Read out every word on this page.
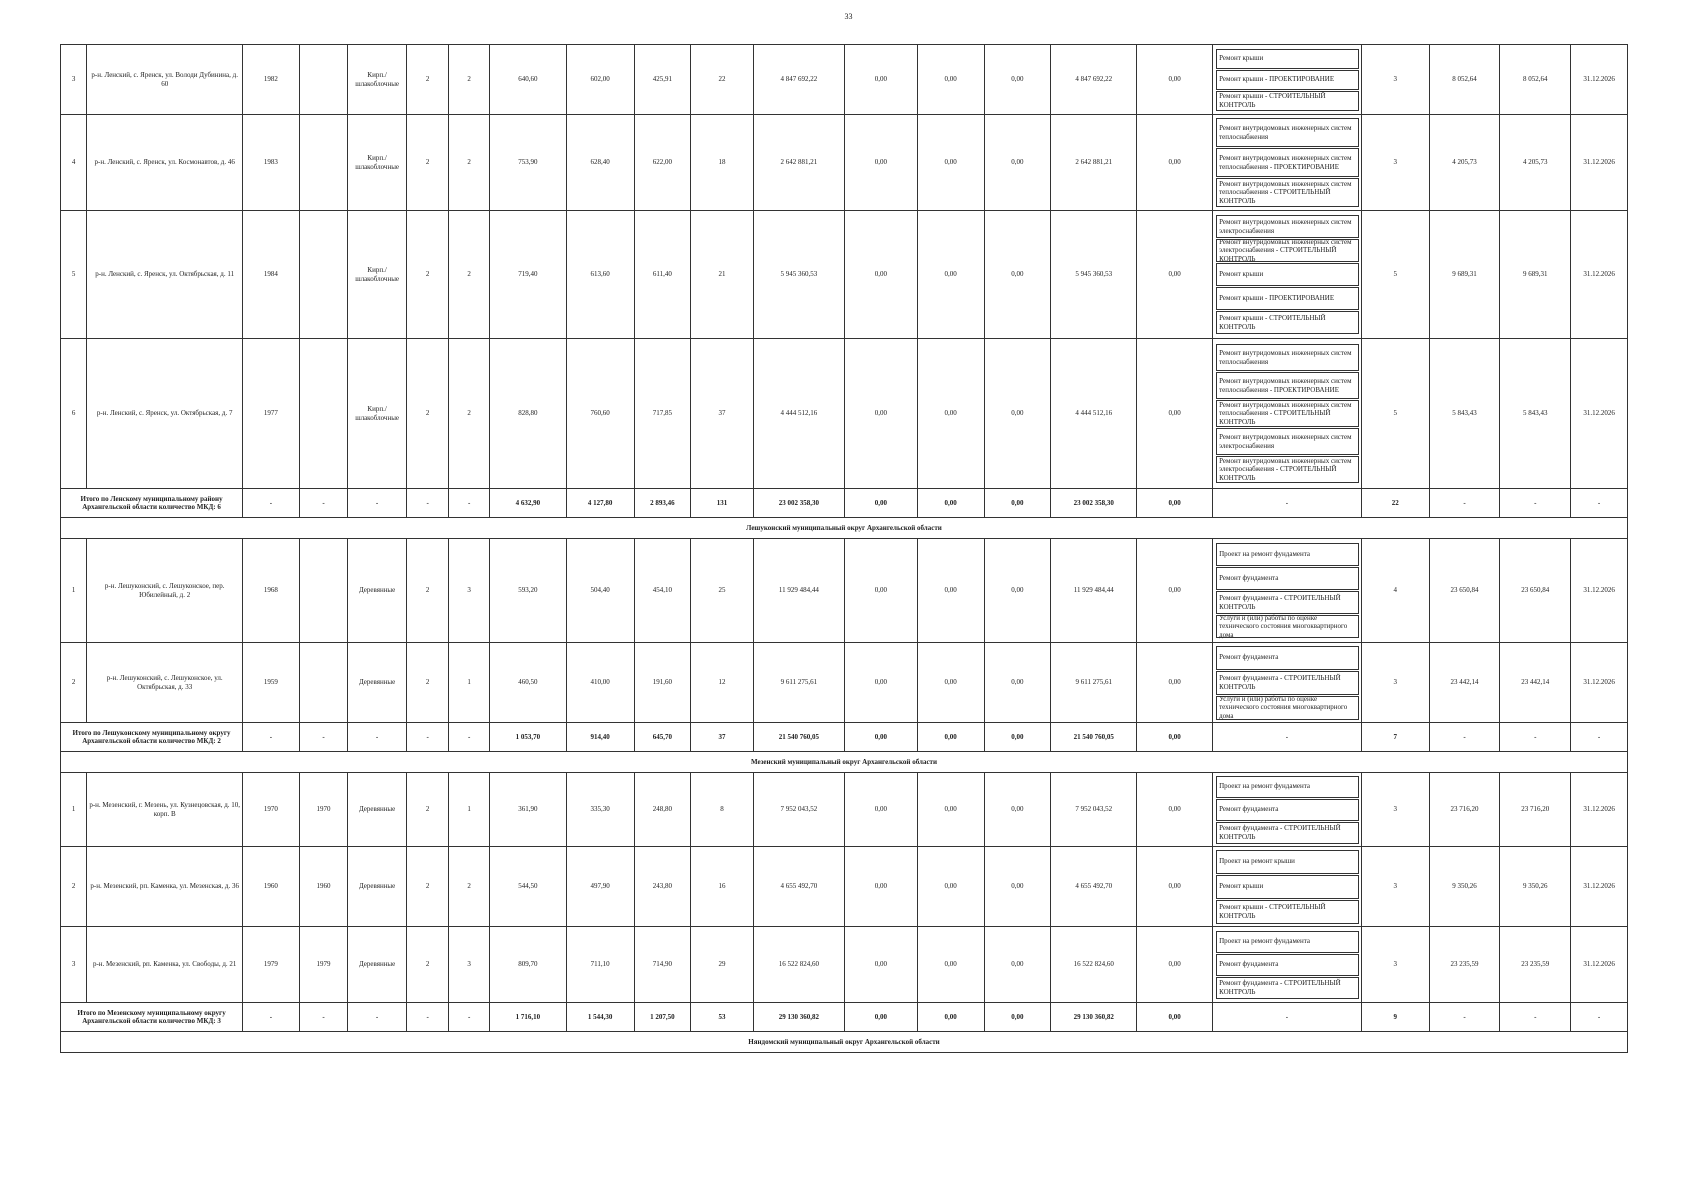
33
3	р-н. Ленский, с. Яренск, ул. Володи Дубинина, д. 60	1982		Кирп./ шлакоблочные	2	2	640,60	602,00	425,91	22	4 847 692,22	0,00	0,00	0,00	4 847 692,22	0,00	Ремонт крыши
Ремонт крыши - ПРОЕКТИРОВАНИЕ
Ремонт крыши - СТРОИТЕЛЬНЫЙ КОНТРОЛЬ	3	8 052,64	8 052,64	31.12.2026
4	р-н. Ленский, с. Яренск, ул. Космонавтов, д. 46	1983		Кирп./ шлакоблочные	2	2	753,90	628,40	622,00	18	2 642 881,21	0,00	0,00	0,00	2 642 881,21	0,00	Ремонт внутридомовых инженерных систем теплоснабжения
Ремонт внутридомовых инженерных систем теплоснабжения - ПРОЕКТИРОВАНИЕ
Ремонт внутридомовых инженерных систем теплоснабжения - СТРОИТЕЛЬНЫЙ КОНТРОЛЬ	3	4 205,73	4 205,73	31.12.2026
5	р-н. Ленский, с. Яренск, ул. Октябрьская, д. 11	1984		Кирп./ шлакоблочные	2	2	719,40	613,60	611,40	21	5 945 360,53	0,00	0,00	0,00	5 945 360,53	0,00	Ремонт внутридомовых инженерных систем электроснабжения
Ремонт внутридомовых инженерных систем электроснабжения - СТРОИТЕЛЬНЫЙ КОНТРОЛЬ
Ремонт крыши
Ремонт крыши - ПРОЕКТИРОВАНИЕ
Ремонт крыши - СТРОИТЕЛЬНЫЙ КОНТРОЛЬ	5	9 689,31	9 689,31	31.12.2026
6	р-н. Ленский, с. Яренск, ул. Октябрьская, д. 7	1977		Кирп./ шлакоблочные	2	2	828,80	760,60	717,85	37	4 444 512,16	0,00	0,00	0,00	4 444 512,16	0,00	Ремонт внутридомовых инженерных систем теплоснабжения
Ремонт внутридомовых инженерных систем теплоснабжения - ПРОЕКТИРОВАНИЕ
Ремонт внутридомовых инженерных систем теплоснабжения - СТРОИТЕЛЬНЫЙ КОНТРОЛЬ
Ремонт внутридомовых инженерных систем электроснабжения
Ремонт внутридомовых инженерных систем электроснабжения - СТРОИТЕЛЬНЫЙ КОНТРОЛЬ	5	5 843,43	5 843,43	31.12.2026
Итого по Ленскому муниципальному району Архангельской области количество МКД: 6		-	-	-	-	-	4 632,90	4 127,80	2 893,46	131	23 002 358,30	0,00	0,00	0,00	23 002 358,30	0,00	-	22	-	-	-
Лешуконский муниципальный округ Архангельской области																					
1	р-н. Лешуконский, с. Лешуконское, пер. Юбилейный, д. 2	1968		Деревянные	2	3	593,20	504,40	454,10	25	11 929 484,44	0,00	0,00	0,00	11 929 484,44	0,00	Проект на ремонт фундамента
Ремонт фундамента
Ремонт фундамента - СТРОИТЕЛЬНЫЙ КОНТРОЛЬ
Услуги и (или) работы по оценке технического состояния многоквартирного дома	4	23 650,84	23 650,84	31.12.2026
2	р-н. Лешуконский, с. Лешуконское, ул. Октябрьская, д. 33	1959		Деревянные	2	1	460,50	410,00	191,60	12	9 611 275,61	0,00	0,00	0,00	9 611 275,61	0,00	Ремонт фундамента
Ремонт фундамента - СТРОИТЕЛЬНЫЙ КОНТРОЛЬ
Услуги и (или) работы по оценке технического состояния многоквартирного дома	3	23 442,14	23 442,14	31.12.2026
Итого по Лешуконскому муниципальному округу Архангельской области количество МКД: 2		-	-	-	-	-	1 053,70	914,40	645,70	37	21 540 760,05	0,00	0,00	0,00	21 540 760,05	0,00	-	7	-	-	-
Мезенский муниципальный округ Архангельской области																					
1	р-н. Мезенский, г. Мезень, ул. Кузнецовская, д. 10, корп. В	1970	1970	Деревянные	2	1	361,90	335,30	248,80	8	7 952 043,52	0,00	0,00	0,00	7 952 043,52	0,00	Проект на ремонт фундамента
Ремонт фундамента
Ремонт фундамента - СТРОИТЕЛЬНЫЙ КОНТРОЛЬ	3	23 716,20	23 716,20	31.12.2026
2	р-н. Мезенский, рп. Каменка, ул. Мезенская, д. 36	1960	1960	Деревянные	2	2	544,50	497,90	243,80	16	4 655 492,70	0,00	0,00	0,00	4 655 492,70	0,00	Проект на ремонт крыши
Ремонт крыши
Ремонт крыши - СТРОИТЕЛЬНЫЙ КОНТРОЛЬ	3	9 350,26	9 350,26	31.12.2026
3	р-н. Мезенский, рп. Каменка, ул. Свободы, д. 21	1979	1979	Деревянные	2	3	809,70	711,10	714,90	29	16 522 824,60	0,00	0,00	0,00	16 522 824,60	0,00	Проект на ремонт фундамента
Ремонт фундамента
Ремонт фундамента - СТРОИТЕЛЬНЫЙ КОНТРОЛЬ	3	23 235,59	23 235,59	31.12.2026
Итого по Мезенскому муниципальному округу Архангельской области количество МКД: 3		-	-	-	-	-	1 716,10	1 544,30	1 207,50	53	29 130 360,82	0,00	0,00	0,00	29 130 360,82	0,00	-	9	-	-	-
Няндомский муниципальный округ Архангельской области																					
